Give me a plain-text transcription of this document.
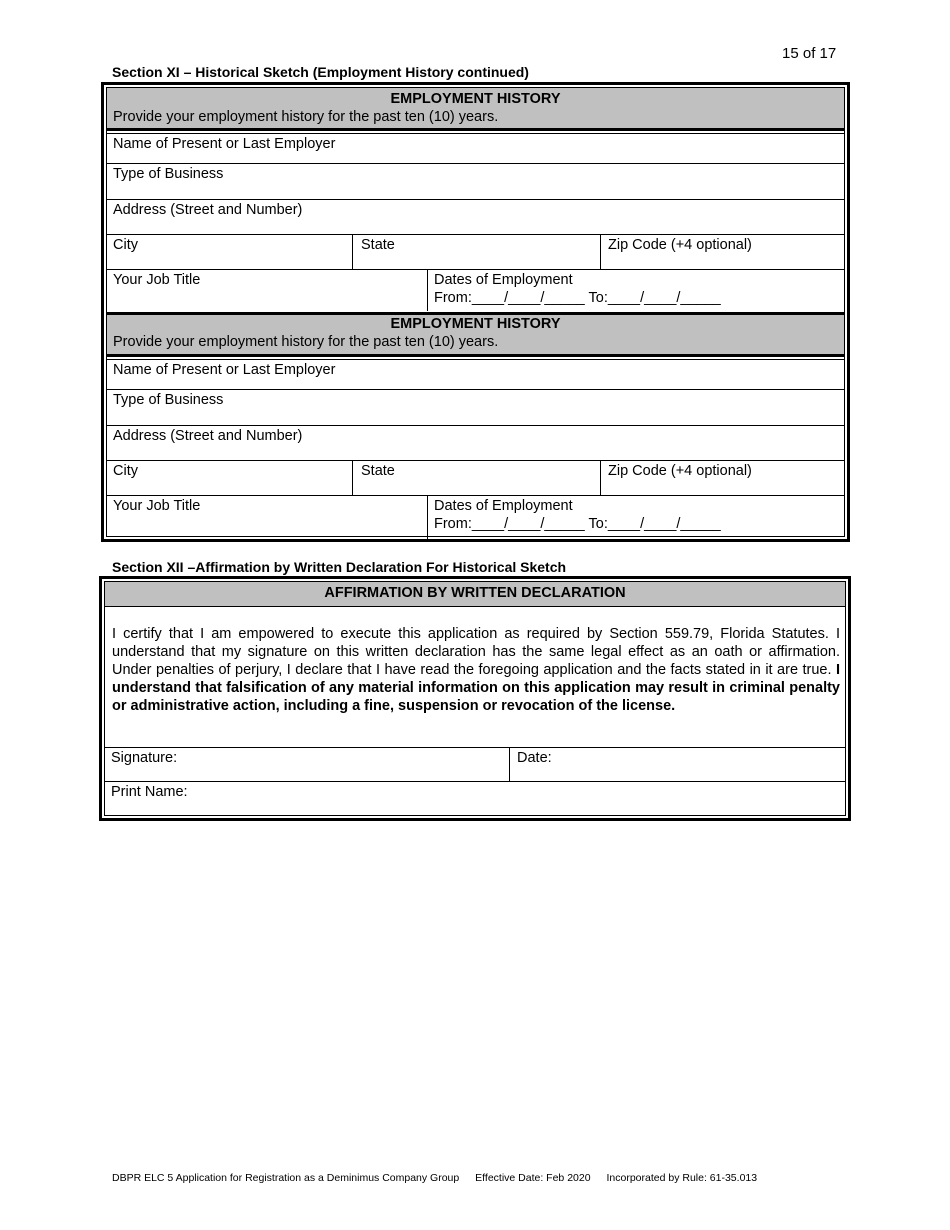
15 of 17
Section XI – Historical Sketch (Employment History continued)
EMPLOYMENT HISTORY
Provide your employment history for the past ten (10) years.
Name of Present or Last Employer
Type of Business
Address (Street and Number)
City	State	Zip Code (+4 optional)
Your Job Title	Dates of Employment
From:____/____/_____ To:____/____/_____
EMPLOYMENT HISTORY
Provide your employment history for the past ten (10) years.
Name of Present or Last Employer
Type of Business
Address (Street and Number)
City	State	Zip Code (+4 optional)
Your Job Title	Dates of Employment
From:____/____/_____ To:____/____/_____
Section XII –Affirmation by Written Declaration For Historical Sketch
AFFIRMATION BY WRITTEN DECLARATION
I certify that I am empowered to execute this application as required by Section 559.79, Florida Statutes. I understand that my signature on this written declaration has the same legal effect as an oath or affirmation. Under penalties of perjury, I declare that I have read the foregoing application and the facts stated in it are true. I understand that falsification of any material information on this application may result in criminal penalty or administrative action, including a fine, suspension or revocation of the license.
Signature:	Date:
Print Name:
DBPR ELC 5 Application for Registration as a Deminimus Company Group Effective Date: Feb 2020 Incorporated by Rule: 61-35.013
